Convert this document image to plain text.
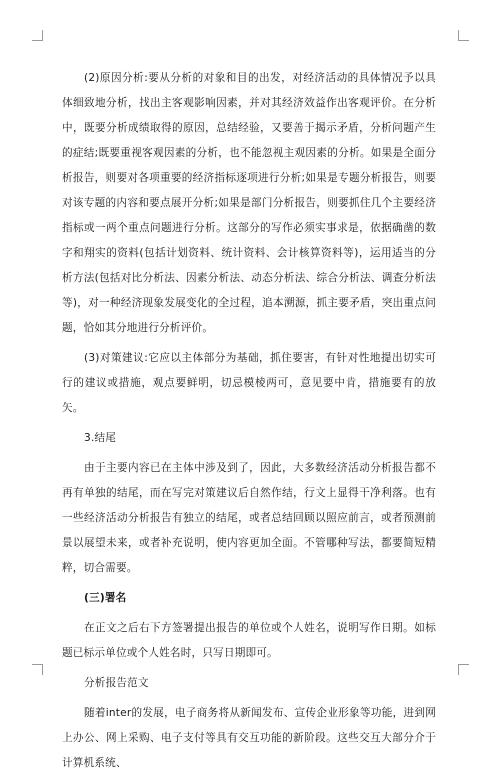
(2)原因分析:要从分析的对象和目的出发，对经济活动的具体情况予以具体细致地分析，找出主客观影响因素，并对其经济效益作出客观评价。在分析中，既要分析成绩取得的原因，总结经验，又要善于揭示矛盾，分析问题产生的症结;既要重视客观因素的分析，也不能忽视主观因素的分析。如果是全面分析报告，则要对各项重要的经济指标逐项进行分析;如果是专题分析报告，则要对该专题的内容和要点展开分析;如果是部门分析报告，则要抓住几个主要经济指标或一两个重点问题进行分析。这部分的写作必须实事求是，依据确凿的数字和翔实的资料(包括计划资料、统计资料、会计核算资料等)，运用适当的分析方法(包括对比分析法、因素分析法、动态分析法、综合分析法、调查分析法等)，对一种经济现象发展变化的全过程，追本溯源，抓主要矛盾，突出重点问题，恰如其分地进行分析评价。

(3)对策建议:它应以主体部分为基础，抓住要害，有针对性地提出切实可行的建议或措施，观点要鲜明，切忌模棱两可，意见要中肯，措施要有的放矢。

3.结尾

由于主要内容已在主体中涉及到了，因此，大多数经济活动分析报告都不再有单独的结尾，而在写完对策建议后自然作结，行文上显得干净利落。也有一些经济活动分析报告有独立的结尾，或者总结回顾以照应前言，或者预测前景以展望未来，或者补充说明，使内容更加全面。不管哪种写法，都要简短精粹，切合需要。

(三)署名

在正文之后右下方签署提出报告的单位或个人姓名，说明写作日期。如标题已标示单位或个人姓名时，只写日期即可。

分析报告范文

随着inter的发展，电子商务将从新闻发布、宣传企业形象等功能，进到网上办公、网上采购、电子支付等具有交互功能的新阶段。这些交互大部分介于计算机系统、
